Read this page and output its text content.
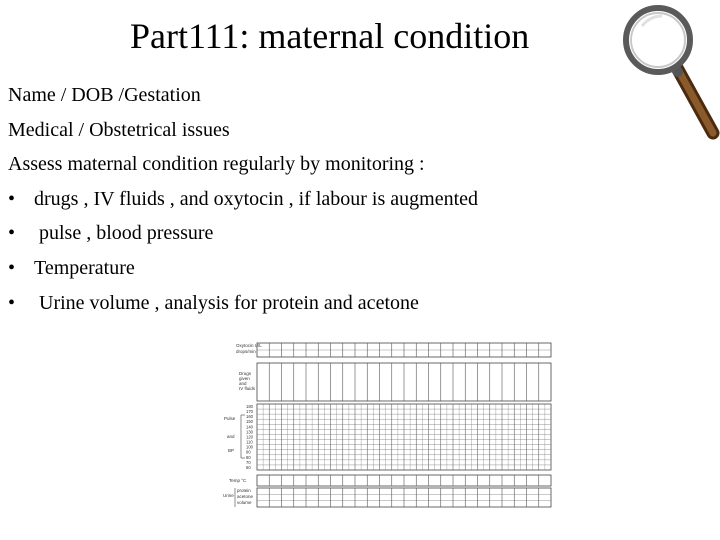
Part111: maternal condition
Name / DOB /Gestation
Medical / Obstetrical issues
Assess maternal condition regularly by monitoring :
• drugs , IV fluids , and oxytocin , if labour is augmented
• pulse , blood pressure
• Temperature
• Urine volume , analysis for protein and acetone
Oxytocin U/L
drops/min
Drugs
given
and
IV fluids
Pulse
and
BP
Temp °C
Urine
protein
acetone
volume
180
170
160
150
140
130
120
110
100
90
80
70
60
